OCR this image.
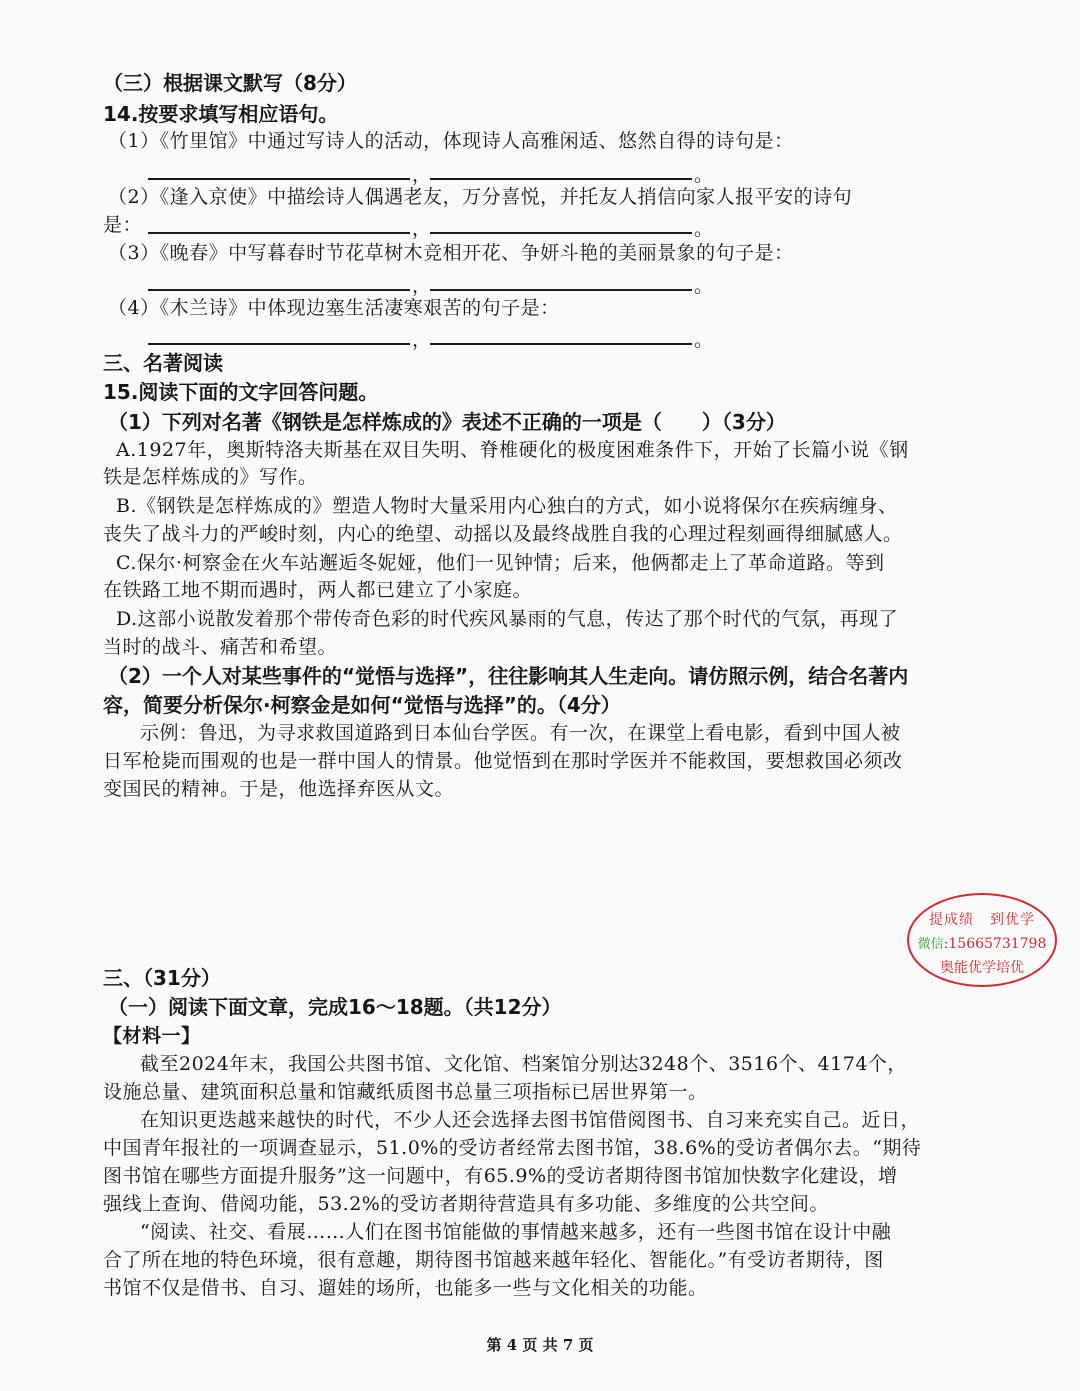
（三）根据课文默写（8分）
14.按要求填写相应语句。
（1）《竹里馆》中通过写诗人的活动，体现诗人高雅闲适、悠然自得的诗句是：
，	。
（2）《逢入京使》中描绘诗人偶遇老友，万分喜悦，并托友人捎信向家人报平安的诗句
是：	，	。
（3）《晚春》中写暮春时节花草树木竞相开花、争妍斗艳的美丽景象的句子是：
，	。
（4）《木兰诗》中体现边塞生活凄寒艰苦的句子是：
，	。
三、名著阅读
15.阅读下面的文字回答问题。
（1）下列对名著《钢铁是怎样炼成的》表述不正确的一项是（　　）（3分）
A.1927年，奥斯特洛夫斯基在双目失明、脊椎硬化的极度困难条件下，开始了长篇小说《钢
铁是怎样炼成的》写作。
B.《钢铁是怎样炼成的》塑造人物时大量采用内心独白的方式，如小说将保尔在疾病缠身、
丧失了战斗力的严峻时刻，内心的绝望、动摇以及最终战胜自我的心理过程刻画得细腻感人。
C.保尔·柯察金在火车站邂逅冬妮娅，他们一见钟情；后来，他俩都走上了革命道路。等到
在铁路工地不期而遇时，两人都已建立了小家庭。
D.这部小说散发着那个带传奇色彩的时代疾风暴雨的气息，传达了那个时代的气氛，再现了
当时的战斗、痛苦和希望。
（2）一个人对某些事件的“觉悟与选择”，往往影响其人生走向。请仿照示例，结合名著内
容，简要分析保尔·柯察金是如何“觉悟与选择”的。（4分）
示例：鲁迅，为寻求救国道路到日本仙台学医。有一次，在课堂上看电影，看到中国人被
日军枪毙而围观的也是一群中国人的情景。他觉悟到在那时学医并不能救国，要想救国必须改
变国民的精神。于是，他选择弃医从文。
提成绩 到优学
微信:15665731798
奥能优学培优
三、（31分）
（一）阅读下面文章，完成16～18题。（共12分）
【材料一】
截至2024年末，我国公共图书馆、文化馆、档案馆分别达3248个、3516个、4174个，
设施总量、建筑面积总量和馆藏纸质图书总量三项指标已居世界第一。
在知识更迭越来越快的时代，不少人还会选择去图书馆借阅图书、自习来充实自己。近日，
中国青年报社的一项调查显示，51.0%的受访者经常去图书馆，38.6%的受访者偶尔去。“期待
图书馆在哪些方面提升服务”这一问题中，有65.9%的受访者期待图书馆加快数字化建设，增
强线上查询、借阅功能，53.2%的受访者期待营造具有多功能、多维度的公共空间。
“阅读、社交、看展……人们在图书馆能做的事情越来越多，还有一些图书馆在设计中融
合了所在地的特色环境，很有意趣，期待图书馆越来越年轻化、智能化。”有受访者期待，图
书馆不仅是借书、自习、遛娃的场所，也能多一些与文化相关的功能。
第 4 页 共 7 页
